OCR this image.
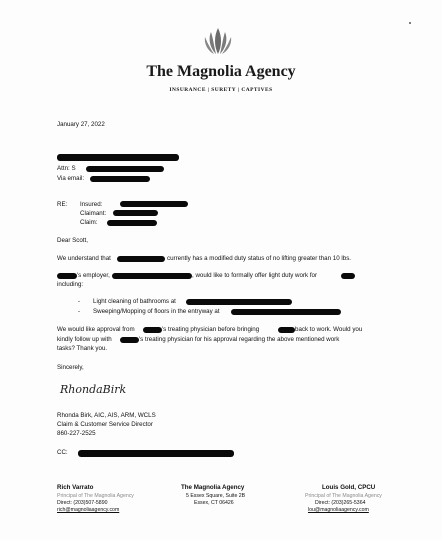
The Magnolia Agency
INSURANCE | SURETY | CAPTIVES
January 27, 2022
Attn: S
Via email:
RE: Insured:
Claimant:
Claim:
Dear Scott,
We understand that	currently has a modified duty status of no lifting greater than 10 lbs.
's employer,	, would like to formally offer light duty work for
including:
- Light cleaning of bathrooms at
- Sweeping/Mopping of floors in the entryway at
We would like approval from	's treating physician before bringing	back to work. Would you
kindly follow up with	's treating physician for his approval regarding the above mentioned work
tasks? Thank you.
Sincerely,
RhondaBirk
Rhonda Birk, AIC, AIS, ARM, WCLS
Claim & Customer Service Director
860-227-2525
CC:
Rich Varrato
Principal of The Magnolia Agency
Direct: (203)507-5890
rich@magnoliaagency.com
The Magnolia Agency
5 Essex Square, Suite 2B
Essex, CT 06426
Louis Gold, CPCU
Principal of The Magnolia Agency
Direct: (203)265-5364
lou@magnoliaagency.com
